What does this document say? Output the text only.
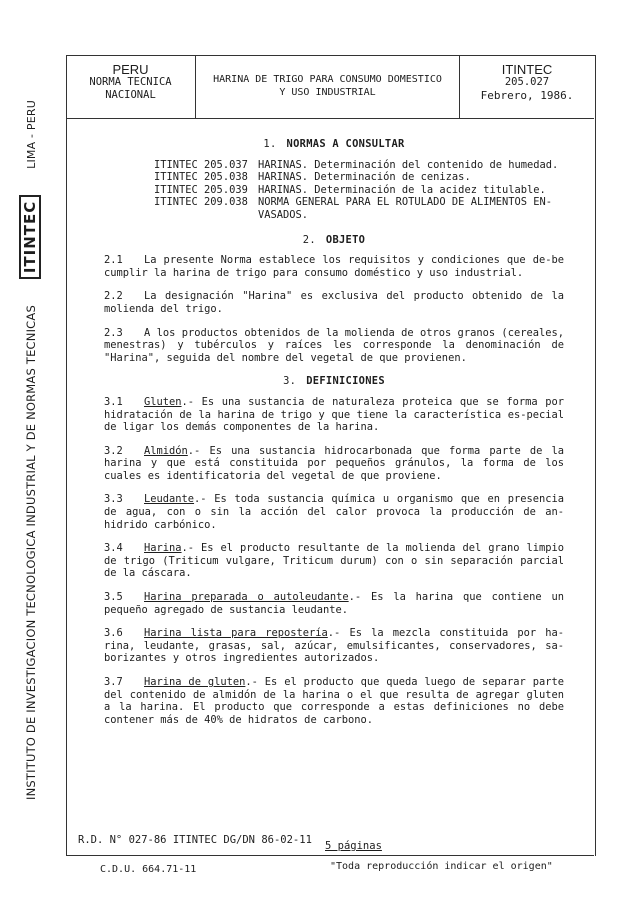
INSTITUTO DE INVESTIGACION TECNOLOGICA INDUSTRIAL Y DE NORMAS TECNICAS ITINTEC LIMA - PERU
PERU
NORMA TECNICA
NACIONAL
HARINA DE TRIGO PARA CONSUMO DOMESTICO
Y USO INDUSTRIAL
ITINTEC
205.027
Febrero, 1986.
1. NORMAS A CONSULTAR
ITINTEC 205.037 HARINAS. Determinación del contenido de humedad.
ITINTEC 205.038 HARINAS. Determinación de cenizas.
ITINTEC 205.039 HARINAS. Determinación de la acidez titulable.
ITINTEC 209.038 NORMA GENERAL PARA EL ROTULADO DE ALIMENTOS EN-VASADOS.
2. OBJETO

2.1 La presente Norma establece los requisitos y condiciones que de-be cumplir la harina de trigo para consumo doméstico y uso industrial.

2.2 La designación "Harina" es exclusiva del producto obtenido de la molienda del trigo.

2.3 A los productos obtenidos de la molienda de otros granos (cereales, menestras) y tubérculos y raíces les corresponde la denominación de "Harina", seguida del nombre del vegetal de que provienen.

3. DEFINICIONES

3.1 Gluten.- Es una sustancia de naturaleza proteica que se forma por hidratación de la harina de trigo y que tiene la característica es-pecial de ligar los demás componentes de la harina.

3.2 Almidón.- Es una sustancia hidrocarbonada que forma parte de la harina y que está constituida por pequeños gránulos, la forma de los cuales es identificatoria del vegetal de que proviene.

3.3 Leudante.- Es toda sustancia química u organismo que en presencia de agua, con o sin la acción del calor provoca la producción de an-hidrido carbónico.

3.4 Harina.- Es el producto resultante de la molienda del grano limpio de trigo (Triticum vulgare, Triticum durum) con o sin separación parcial de la cáscara.

3.5 Harina preparada o autoleudante.- Es la harina que contiene un pequeño agregado de sustancia leudante.

3.6 Harina lista para repostería.- Es la mezcla constituida por ha-rina, leudante, grasas, sal, azúcar, emulsificantes, conservadores, sa-borizantes y otros ingredientes autorizados.

3.7 Harina de gluten.- Es el producto que queda luego de separar parte del contenido de almidón de la harina o el que resulta de agregar gluten a la harina. El producto que corresponde a estas definiciones no debe contener más de 40% de hidratos de carbono.

R.D. N° 027-86 ITINTEC DG/DN 86-02-11 5 páginas
C.D.U. 664.71-11	"Toda reproducción indicar el origen"
